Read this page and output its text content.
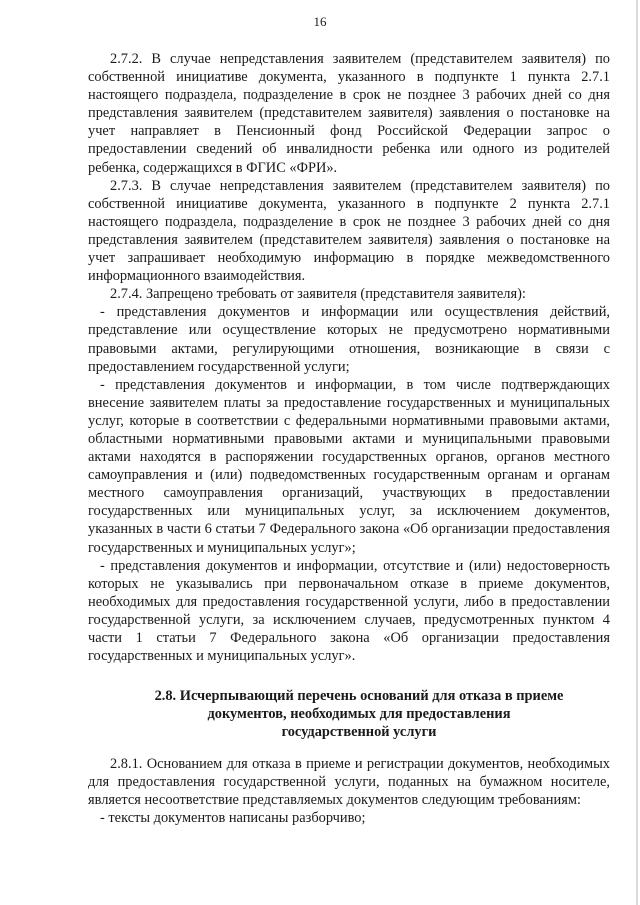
16

2.7.2. В случае непредставления заявителем (представителем заявителя) по собственной инициативе документа, указанного в подпункте 1 пункта 2.7.1 настоящего подраздела, подразделение в срок не позднее 3 рабочих дней со дня представления заявителем (представителем заявителя) заявления о постановке на учет направляет в Пенсионный фонд Российской Федерации запрос о предоставлении сведений об инвалидности ребенка или одного из родителей ребенка, содержащихся в ФГИС «ФРИ».

2.7.3. В случае непредставления заявителем (представителем заявителя) по собственной инициативе документа, указанного в подпункте 2 пункта 2.7.1 настоящего подраздела, подразделение в срок не позднее 3 рабочих дней со дня представления заявителем (представителем заявителя) заявления о постановке на учет запрашивает необходимую информацию в порядке межведомственного информационного взаимодействия.

2.7.4. Запрещено требовать от заявителя (представителя заявителя):

- представления документов и информации или осуществления действий, представление или осуществление которых не предусмотрено нормативными правовыми актами, регулирующими отношения, возникающие в связи с предоставлением государственной услуги;

- представления документов и информации, в том числе подтверждающих внесение заявителем платы за предоставление государственных и муниципальных услуг, которые в соответствии с федеральными нормативными правовыми актами, областными нормативными правовыми актами и муниципальными правовыми актами находятся в распоряжении государственных органов, органов местного самоуправления и (или) подведомственных государственным органам и органам местного самоуправления организаций, участвующих в предоставлении государственных или муниципальных услуг, за исключением документов, указанных в части 6 статьи 7 Федерального закона «Об организации предоставления государственных и муниципальных услуг»;

- представления документов и информации, отсутствие и (или) недостоверность которых не указывались при первоначальном отказе в приеме документов, необходимых для предоставления государственной услуги, либо в предоставлении государственной услуги, за исключением случаев, предусмотренных пунктом 4 части 1 статьи 7 Федерального закона «Об организации предоставления государственных и муниципальных услуг».

2.8. Исчерпывающий перечень оснований для отказа в приеме
документов, необходимых для предоставления
государственной услуги

2.8.1. Основанием для отказа в приеме и регистрации документов, необходимых для предоставления государственной услуги, поданных на бумажном носителе, является несоответствие представляемых документов следующим требованиям:

- тексты документов написаны разборчиво;
